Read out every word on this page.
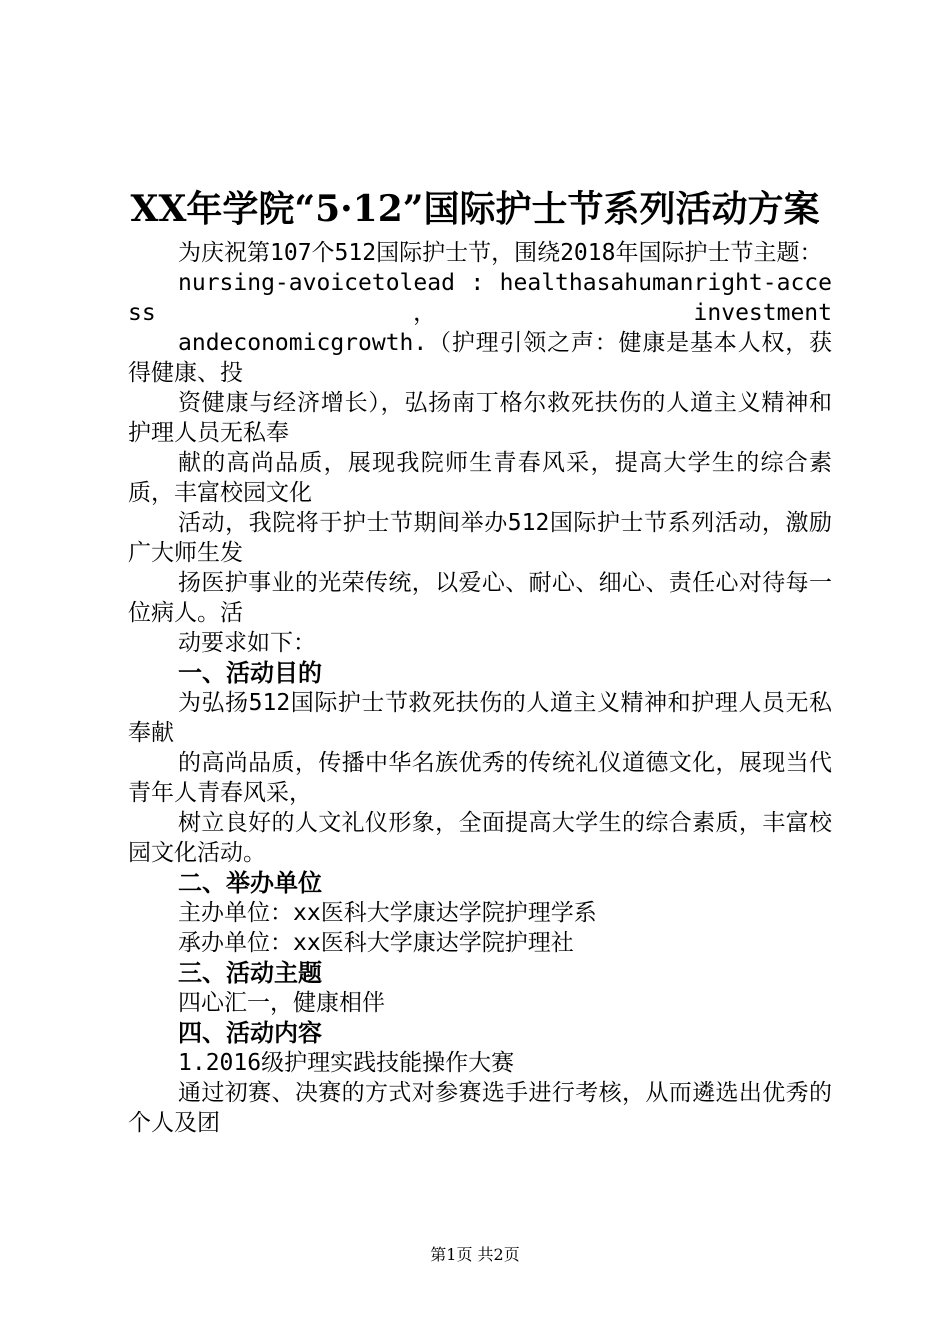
XX年学院“5·12”国际护士节系列活动方案

为庆祝第107个512国际护士节，围绕2018年国际护士节主题：

nursing-avoicetolead : healthasahumanright-access，investment

andeconomicgrowth.（护理引领之声：健康是基本人权，获得健康、投

资健康与经济增长），弘扬南丁格尔救死扶伤的人道主义精神和护理人员无私奉

献的高尚品质，展现我院师生青春风采，提高大学生的综合素质，丰富校园文化

活动，我院将于护士节期间举办512国际护士节系列活动，激励广大师生发

扬医护事业的光荣传统，以爱心、耐心、细心、责任心对待每一位病人。活

动要求如下：

一、活动目的

为弘扬512国际护士节救死扶伤的人道主义精神和护理人员无私奉献

的高尚品质，传播中华名族优秀的传统礼仪道德文化，展现当代青年人青春风采，

树立良好的人文礼仪形象，全面提高大学生的综合素质，丰富校园文化活动。

二、举办单位

主办单位：xx医科大学康达学院护理学系

承办单位：xx医科大学康达学院护理社

三、活动主题

四心汇一，健康相伴

四、活动内容

1.2016级护理实践技能操作大赛

通过初赛、决赛的方式对参赛选手进行考核，从而遴选出优秀的个人及团

第1页 共2页
